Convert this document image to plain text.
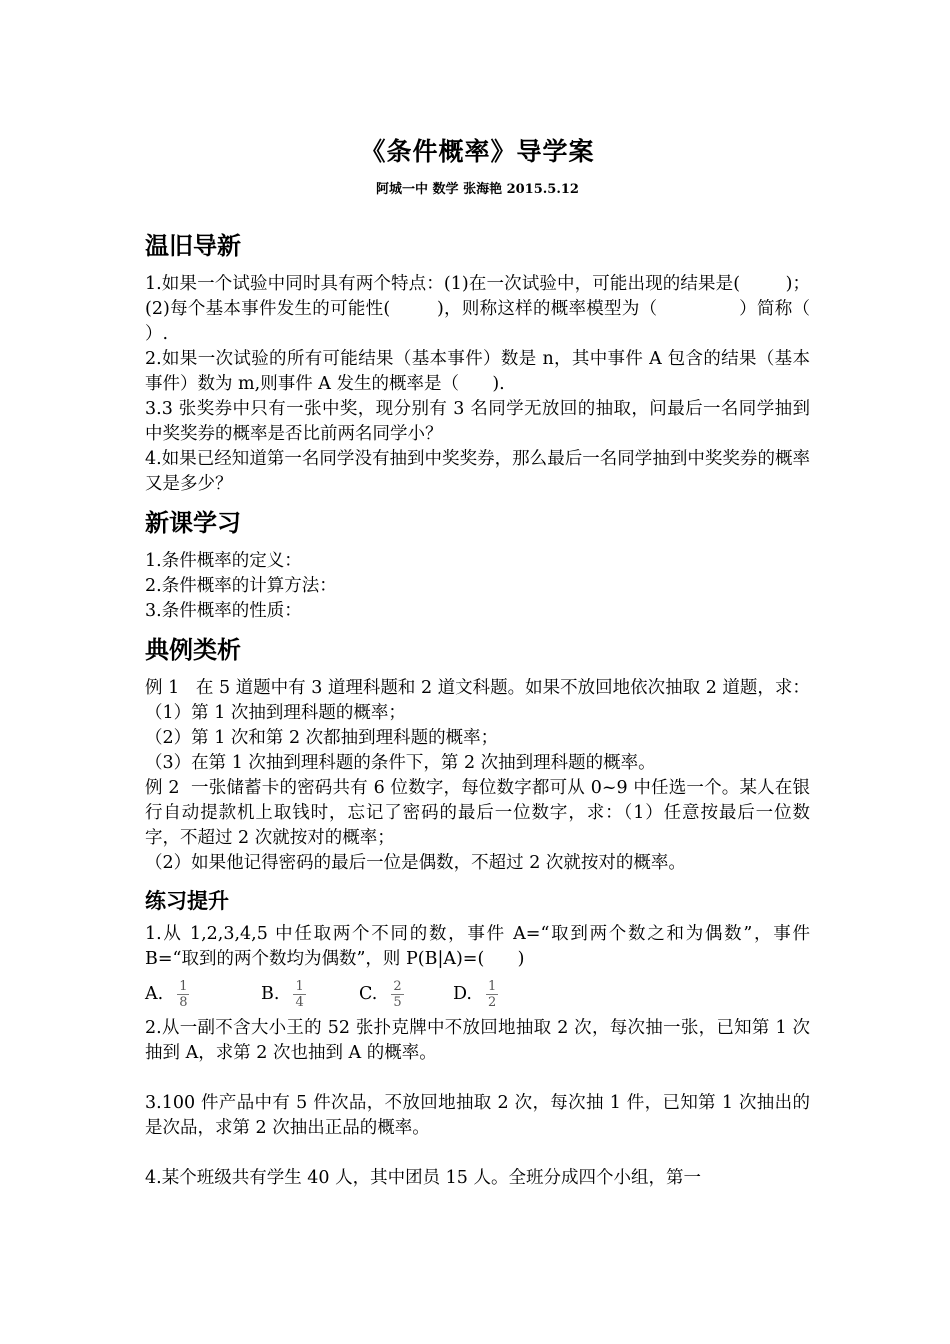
《条件概率》导学案
阿城一中 数学 张海艳 2015.5.12
温旧导新

1.如果一个试验中同时具有两个特点：(1)在一次试验中，可能出现的结果是(        )；(2)每个基本事件发生的可能性(        )，则称这样的概率模型为（              ）简称（            ）.

2.如果一次试验的所有可能结果（基本事件）数是 n，其中事件 A 包含的结果（基本事件）数为 m,则事件 A 发生的概率是（      ).

3.3 张奖券中只有一张中奖，现分别有 3 名同学无放回的抽取，问最后一名同学抽到中奖奖券的概率是否比前两名同学小？

4.如果已经知道第一名同学没有抽到中奖奖券，那么最后一名同学抽到中奖奖券的概率又是多少？

新课学习

1.条件概率的定义：

2.条件概率的计算方法：

3.条件概率的性质：

典例类析

例 1   在 5 道题中有 3 道理科题和 2 道文科题。如果不放回地依次抽取 2 道题，求：

（1）第 1 次抽到理科题的概率；

（2）第 1 次和第 2 次都抽到理科题的概率；

（3）在第 1 次抽到理科题的条件下，第 2 次抽到理科题的概率。

例 2  一张储蓄卡的密码共有 6 位数字，每位数字都可从 0~9 中任选一个。某人在银行自动提款机上取钱时，忘记了密码的最后一位数字，求：（1）任意按最后一位数字，不超过 2 次就按对的概率；

（2）如果他记得密码的最后一位是偶数，不超过 2 次就按对的概率。

练习提升

1.从 1,2,3,4,5 中任取两个不同的数，事件 A=“取到两个数之和为偶数”，事件 B=“取到的两个数均为偶数”，则 P(B|A)=(      )

A. $\frac{1}{8}$	B. $\frac{1}{4}$	C. $\frac{2}{5}$	D. $\frac{1}{2}$

2.从一副不含大小王的 52 张扑克牌中不放回地抽取 2 次，每次抽一张，已知第 1 次抽到 A，求第 2 次也抽到 A 的概率。

3.100 件产品中有 5 件次品，不放回地抽取 2 次，每次抽 1 件，已知第 1 次抽出的是次品，求第 2 次抽出正品的概率。

4.某个班级共有学生 40 人，其中团员 15 人。全班分成四个小组，第一
